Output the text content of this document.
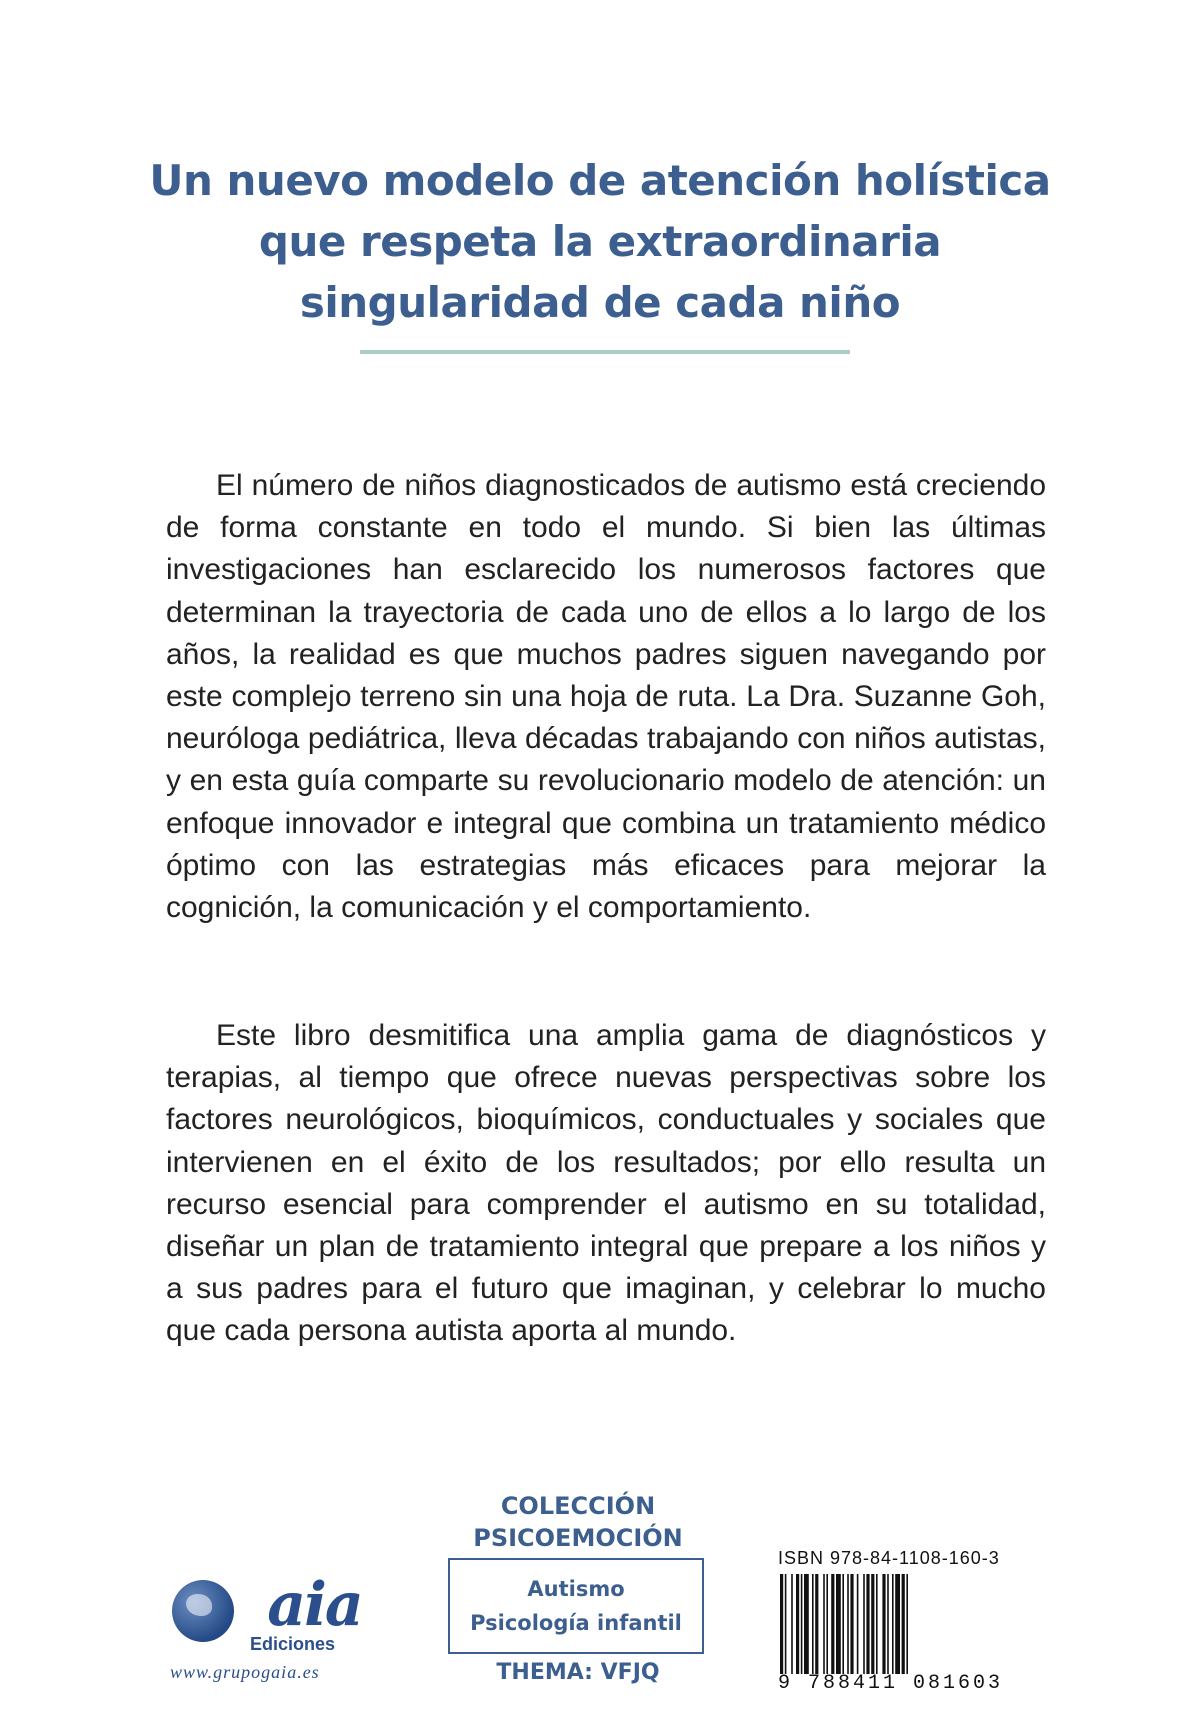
Un nuevo modelo de atención holística
que respeta la extraordinaria
singularidad de cada niño

El número de niños diagnosticados de autismo está creciendo de forma constante en todo el mundo. Si bien las últimas investigaciones han esclarecido los numerosos factores que determinan la trayectoria de cada uno de ellos a lo largo de los años, la realidad es que muchos padres siguen navegando por este complejo terreno sin una hoja de ruta. La Dra. Suzanne Goh, neuróloga pediátrica, lleva décadas trabajando con niños autistas, y en esta guía comparte su revolucionario modelo de atención: un enfoque innovador e integral que combina un tratamiento médico óptimo con las estrategias más eficaces para mejorar la cognición, la comunicación y el comportamiento.

Este libro desmitifica una amplia gama de diagnósticos y terapias, al tiempo que ofrece nuevas perspectivas sobre los factores neurológicos, bioquímicos, conductuales y sociales que intervienen en el éxito de los resultados; por ello resulta un recurso esencial para comprender el autismo en su totalidad, diseñar un plan de tratamiento integral que prepare a los niños y a sus padres para el futuro que imaginan, y celebrar lo mucho que cada persona autista aporta al mundo.

aia
Ediciones
www.grupogaia.es
COLECCIÓN
PSICOEMOCIÓN
Autismo
Psicología infantil
THEMA: VFJQ
ISBN 978-84-1108-160-3
9 788411 081603
